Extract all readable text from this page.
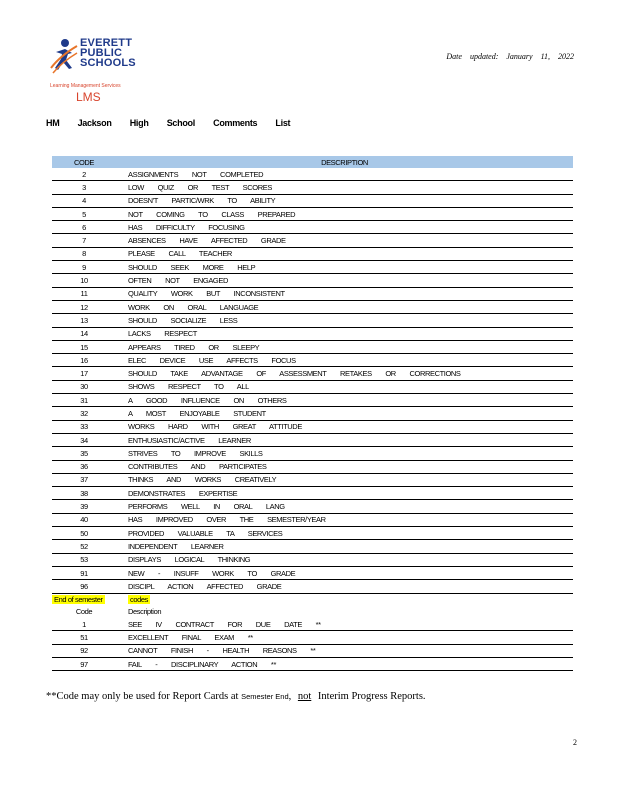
EVERETT
PUBLIC
SCHOOLS
Learning Management Services
LMS
Date updated: January 11, 2022
HM Jackson High School Comments List
CODE	DESCRIPTION
2	ASSIGNMENTS NOT COMPLETED
3	LOW QUIZ OR TEST SCORES
4	DOESN'T PARTIC/WRK TO ABILITY
5	NOT COMING TO CLASS PREPARED
6	HAS DIFFICULTY FOCUSING
7	ABSENCES HAVE AFFECTED GRADE
8	PLEASE CALL TEACHER
9	SHOULD SEEK MORE HELP
10	OFTEN NOT ENGAGED
11	QUALITY WORK BUT INCONSISTENT
12	WORK ON ORAL LANGUAGE
13	SHOULD SOCIALIZE LESS
14	LACKS RESPECT
15	APPEARS TIRED OR SLEEPY
16	ELEC DEVICE USE AFFECTS FOCUS
17	SHOULD TAKE ADVANTAGE OF ASSESSMENT RETAKES OR CORRECTIONS
30	SHOWS RESPECT TO ALL
31	A GOOD INFLUENCE ON OTHERS
32	A MOST ENJOYABLE STUDENT
33	WORKS HARD WITH GREAT ATTITUDE
34	ENTHUSIASTIC/ACTIVE LEARNER
35	STRIVES TO IMPROVE SKILLS
36	CONTRIBUTES AND PARTICIPATES
37	THINKS AND WORKS CREATIVELY
38	DEMONSTRATES EXPERTISE
39	PERFORMS WELL IN ORAL LANG
40	HAS IMPROVED OVER THE SEMESTER/YEAR
50	PROVIDED VALUABLE TA SERVICES
52	INDEPENDENT LEARNER
53	DISPLAYS LOGICAL THINKING
91	NEW - INSUFF WORK TO GRADE
96	DISCIPL ACTION AFFECTED GRADE
End of semester	codes
Code	Description
1	SEE IV CONTRACT FOR DUE DATE **
51	EXCELLENT FINAL EXAM **
92	CANNOT FINISH - HEALTH REASONS **
97	FAIL - DISCIPLINARY ACTION **
**Code may only be used for Report Cards at Semester End, not Interim Progress Reports.
2
